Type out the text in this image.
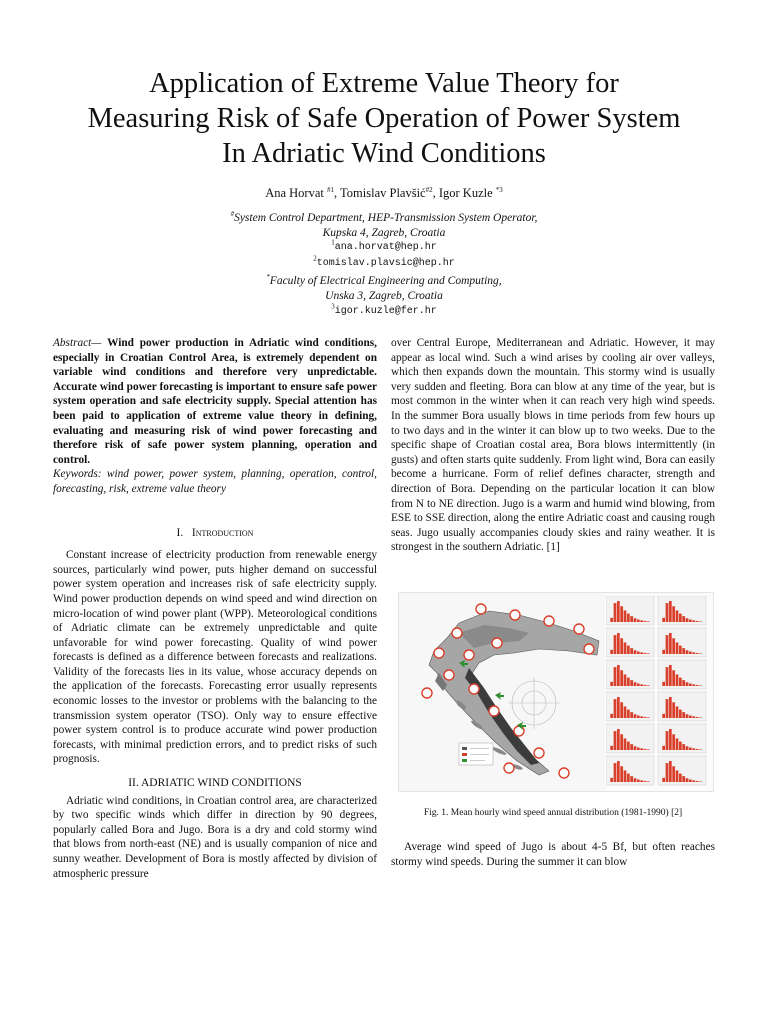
Application of Extreme Value Theory for
Measuring Risk of Safe Operation of Power System
In Adriatic Wind Conditions
Ana Horvat $^{\#1}$, Tomislav Plavšić$^{\#2}$, Igor Kuzle $^{*3}$
#System Control Department, HEP-Transmission System Operator,
Kupska 4, Zagreb, Croatia
$^1$ana.horvat@hep.hr
$^2$tomislav.plavsic@hep.hr
*Faculty of Electrical Engineering and Computing,
Unska 3, Zagreb, Croatia
$^3$igor.kuzle@fer.hr
Abstract— Wind power production in Adriatic wind conditions, especially in Croatian Control Area, is extremely dependent on variable wind conditions and therefore very unpredictable. Accurate wind power forecasting is important to ensure safe power system operation and safe electricity supply. Special attention has been paid to application of extreme value theory in defining, evaluating and measuring risk of wind power forecasting and therefore risk of safe power system planning, operation and control.
Keywords: wind power, power system, planning, operation, control, forecasting, risk, extreme value theory
I. Introduction

Constant increase of electricity production from renewable energy sources, particularly wind power, puts higher demand on successful power system operation and increases risk of safe electricity supply. Wind power production depends on wind speed and wind direction on micro-location of wind power plant (WPP). Meteorological conditions of Adriatic climate can be extremely unpredictable and quite unfavorable for wind power forecasting. Quality of wind power forecasts is defined as a difference between forecasts and realizations. Validity of the forecasts lies in its value, whose accuracy depends on the application of the forecasts. Forecasting error usually represents economic losses to the investor or problems with the balancing to the transmission system operator (TSO). Only way to ensure effective power system control is to produce accurate wind power production forecasts, with minimal prediction errors, and to predict risks of such prognosis.

II. ADRIATIC WIND CONDITIONS

Adriatic wind conditions, in Croatian control area, are characterized by two specific winds which differ in direction by 90 degrees, popularly called Bora and Jugo. Bora is a dry and cold stormy wind that blows from north-east (NE) and is usually companion of nice and sunny weather. Development of Bora is mostly affected by division of atmospheric pressure

over Central Europe, Mediterranean and Adriatic. However, it may appear as local wind. Such a wind arises by cooling air over valleys, which then expands down the mountain. This stormy wind is usually very sudden and fleeting. Bora can blow at any time of the year, but is most common in the winter when it can reach very high wind speeds. In the summer Bora usually blows in time periods from few hours up to two days and in the winter it can blow up to two weeks. Due to the specific shape of Croatian costal area, Bora blows intermittently (in gusts) and often starts quite suddenly. From light wind, Bora can easily become a hurricane. Form of relief defines character, strength and direction of Bora. Depending on the particular location it can blow from N to NE direction. Jugo is a warm and humid wind blowing, from ESE to SSE direction, along the entire Adriatic coast and causing rough seas. Jugo usually accompanies cloudy skies and rainy weather. It is strongest in the southern Adriatic. [1]

Fig. 1. Mean hourly wind speed annual distribution (1981-1990) [2]

Average wind speed of Jugo is about 4-5 Bf, but often reaches stormy wind speeds. During the summer it can blow
